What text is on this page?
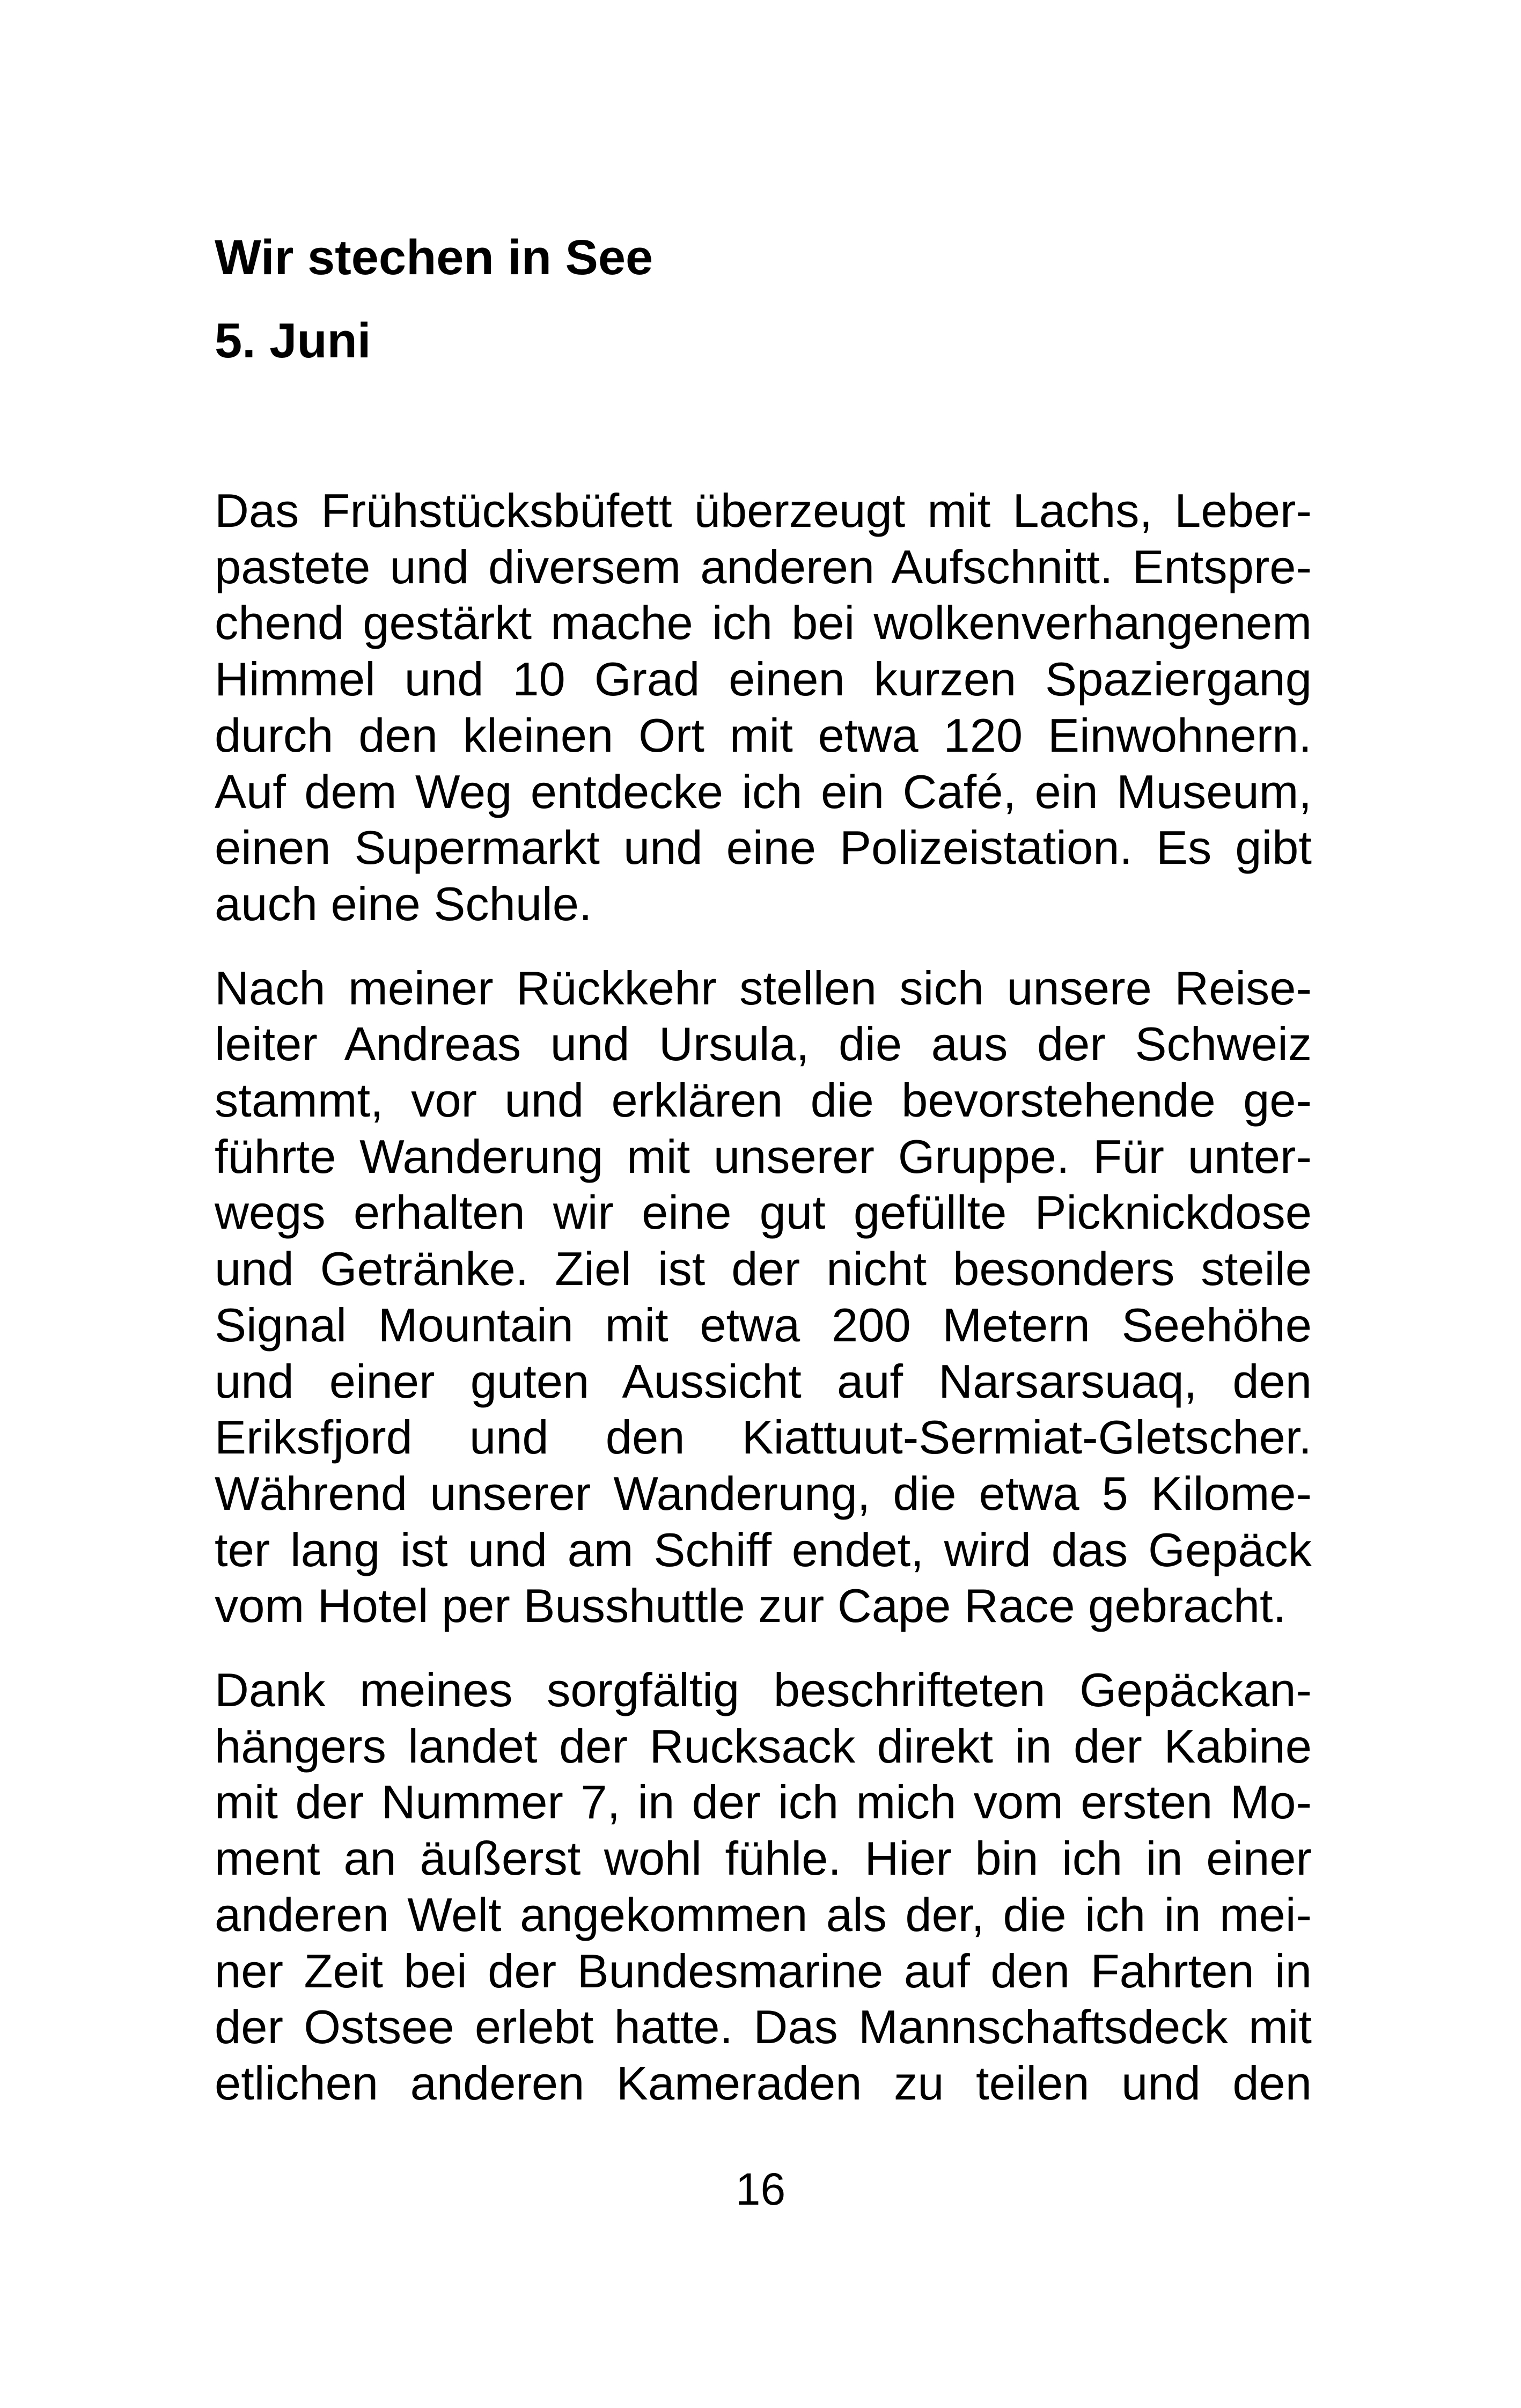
Wir stechen in See
5. Juni

Das Frühstücksbüfett überzeugt mit Lachs, Leber-
pastete und diversem anderen Aufschnitt. Entspre-
chend gestärkt mache ich bei wolkenverhangenem
Himmel und 10 Grad einen kurzen Spaziergang
durch den kleinen Ort mit etwa 120 Einwohnern.
Auf dem Weg entdecke ich ein Café, ein Museum,
einen Supermarkt und eine Polizeistation. Es gibt
auch eine Schule.

Nach meiner Rückkehr stellen sich unsere Reise-
leiter Andreas und Ursula, die aus der Schweiz
stammt, vor und erklären die bevorstehende ge-
führte Wanderung mit unserer Gruppe. Für unter-
wegs erhalten wir eine gut gefüllte Picknickdose
und Getränke. Ziel ist der nicht besonders steile
Signal Mountain mit etwa 200 Metern Seehöhe
und einer guten Aussicht auf Narsarsuaq, den
Eriksfjord und den Kiattuut-Sermiat-Gletscher.
Während unserer Wanderung, die etwa 5 Kilome-
ter lang ist und am Schiff endet, wird das Gepäck
vom Hotel per Busshuttle zur Cape Race gebracht.

Dank meines sorgfältig beschrifteten Gepäckan-
hängers landet der Rucksack direkt in der Kabine
mit der Nummer 7, in der ich mich vom ersten Mo-
ment an äußerst wohl fühle. Hier bin ich in einer
anderen Welt angekommen als der, die ich in mei-
ner Zeit bei der Bundesmarine auf den Fahrten in
der Ostsee erlebt hatte. Das Mannschaftsdeck mit
etlichen anderen Kameraden zu teilen und den

16
